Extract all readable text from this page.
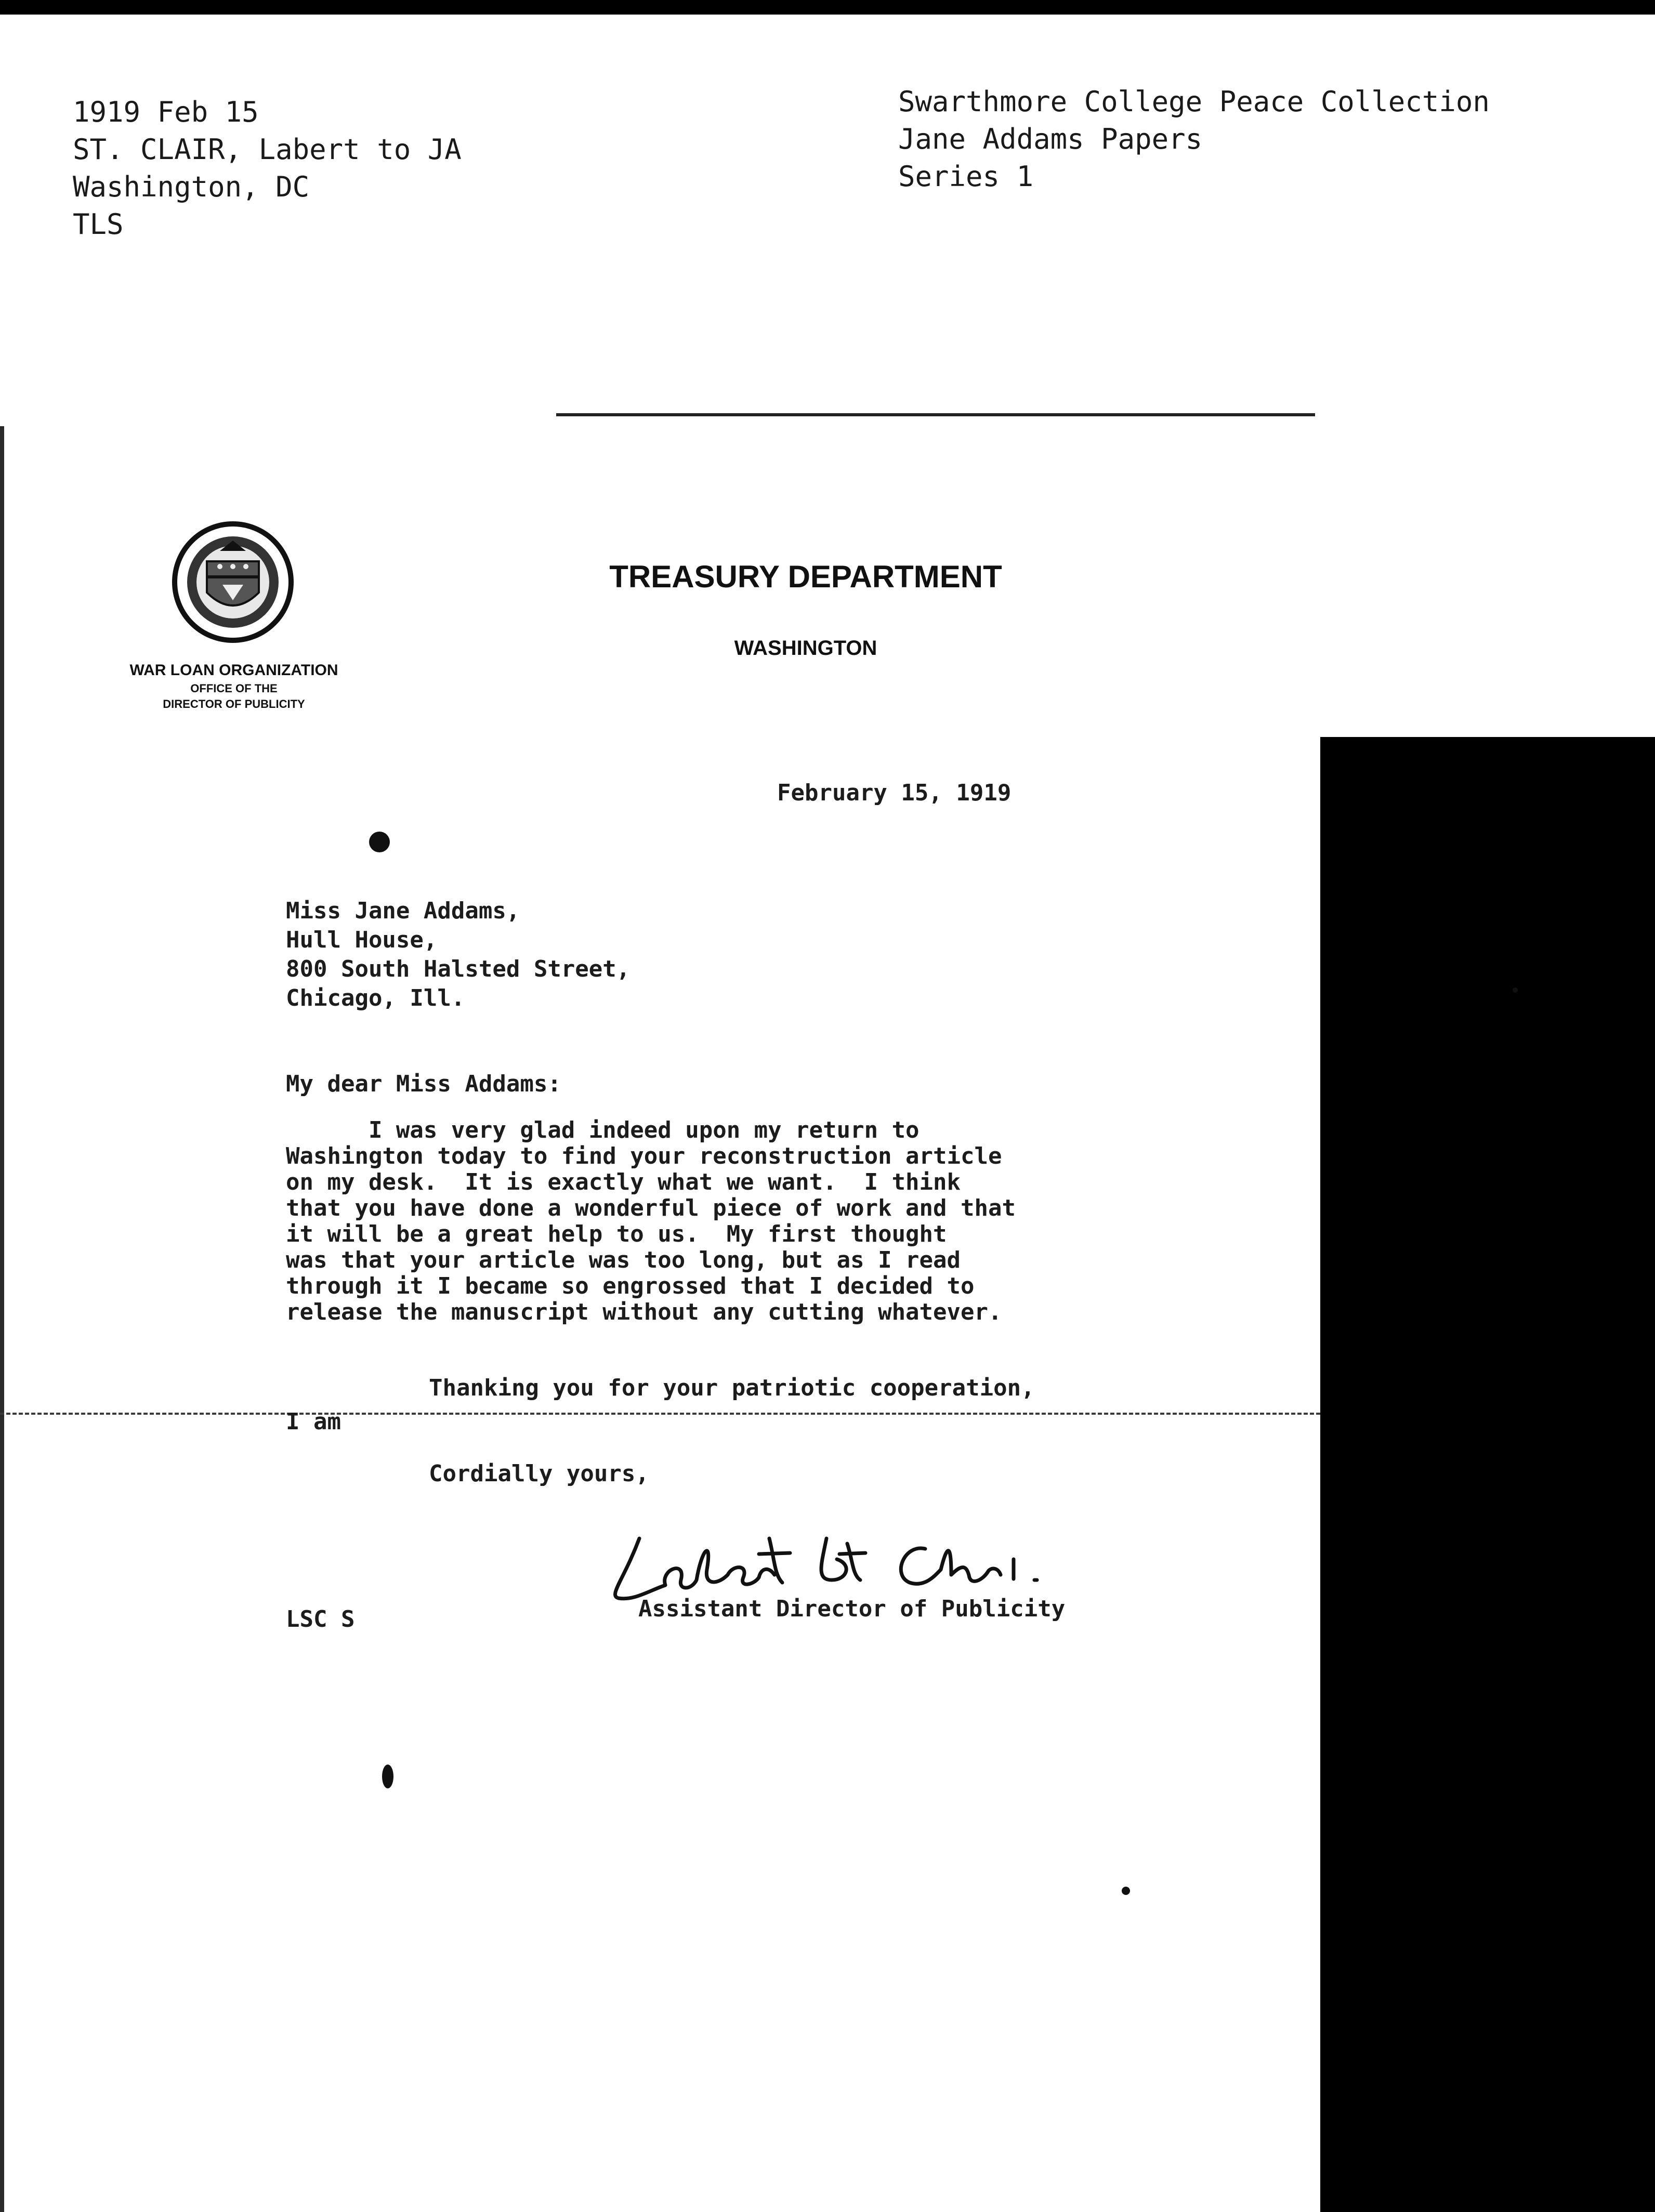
1919 Feb 15
ST. CLAIR, Labert to JA
Washington, DC
TLS
Swarthmore College Peace Collection
Jane Addams Papers
Series 1
WAR LOAN ORGANIZATION
OFFICE OF THE
DIRECTOR OF PUBLICITY
TREASURY DEPARTMENT
WASHINGTON
February 15, 1919
Miss Jane Addams,
Hull House,
800 South Halsted Street,
Chicago, Ill.
My dear Miss Addams:
I was very glad indeed upon my return to
Washington today to find your reconstruction article
on my desk.  It is exactly what we want.  I think
that you have done a wonderful piece of work and that
it will be a great help to us.  My first thought
was that your article was too long, but as I read
through it I became so engrossed that I decided to
release the manuscript without any cutting whatever.
Thanking you for your patriotic cooperation,
I am
Cordially yours,
Assistant Director of Publicity
LSC S
